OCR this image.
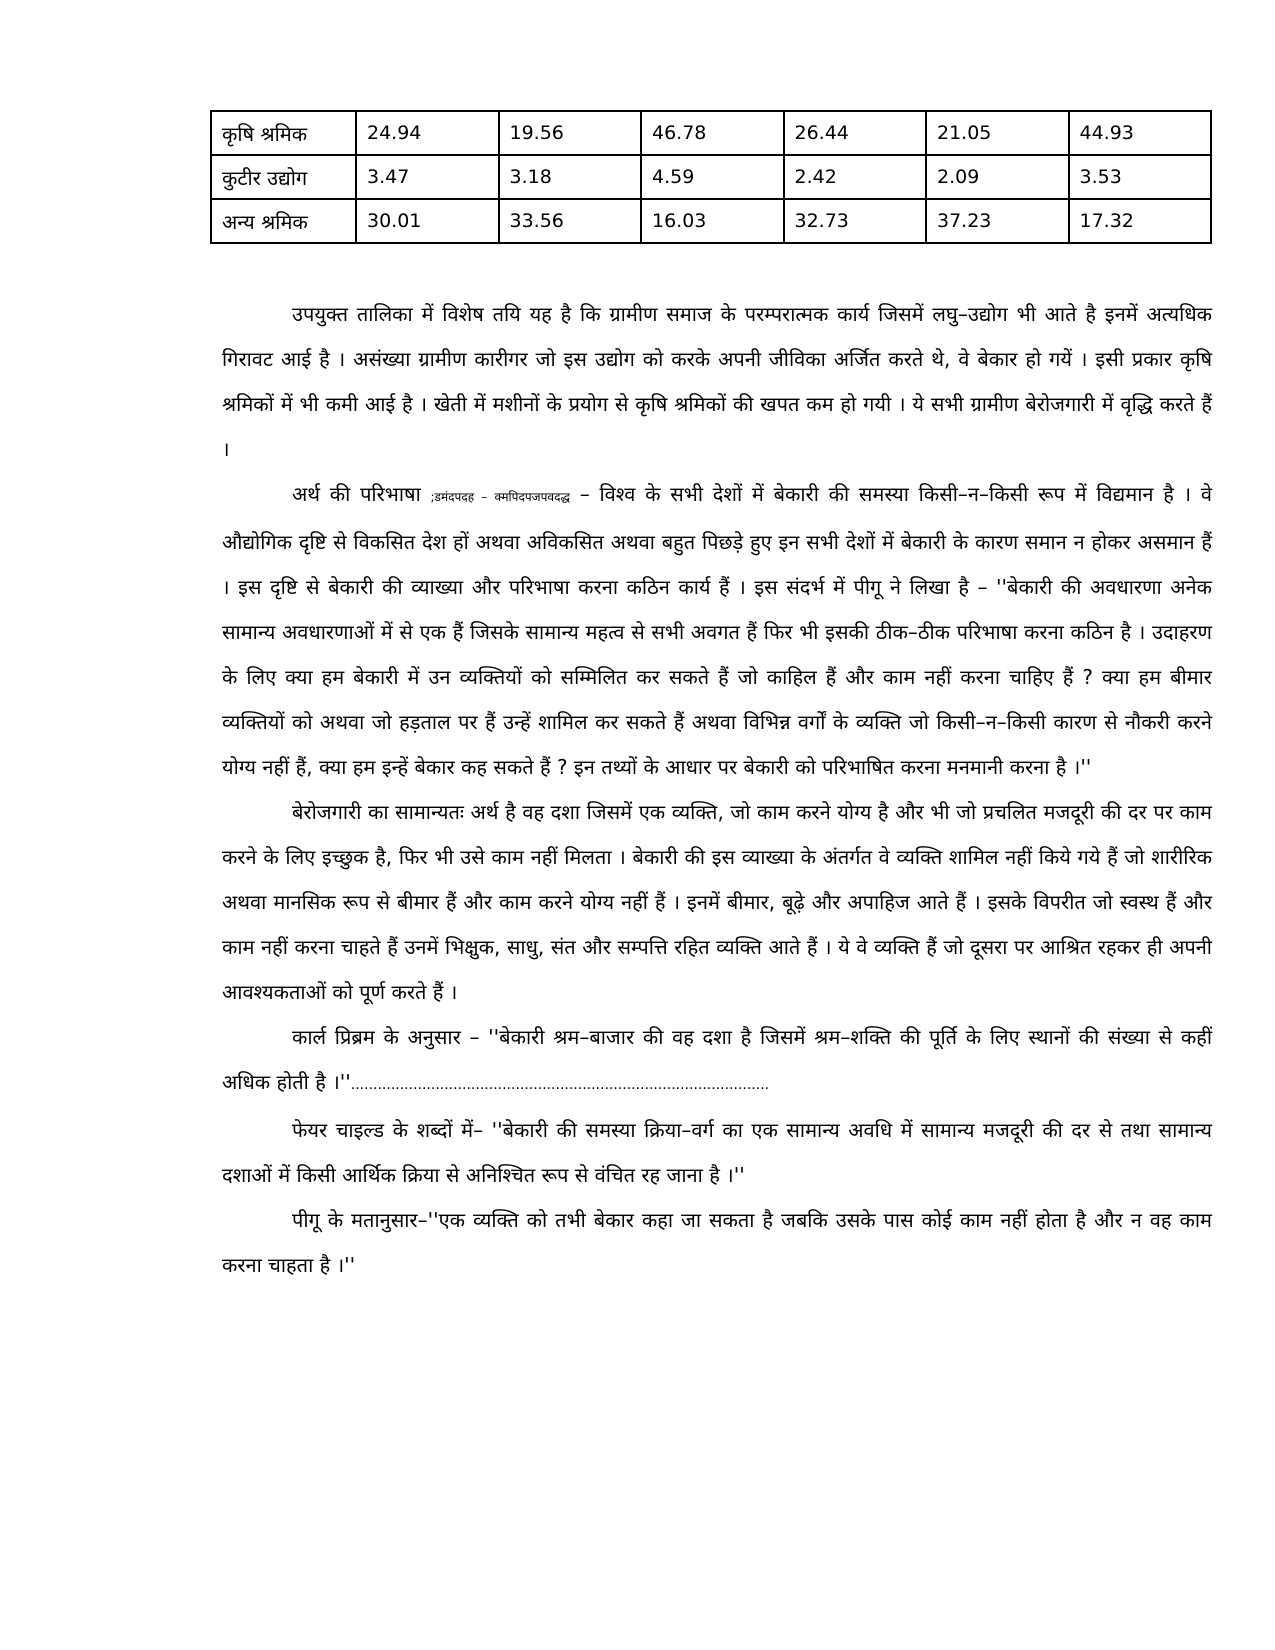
कृषि श्रमिक	24.94	19.56	46.78	26.44	21.05	44.93
कुटीर उद्योग	3.47	3.18	4.59	2.42	2.09	3.53
अन्य श्रमिक	30.01	33.56	16.03	32.73	37.23	17.32

उपयुक्त तालिका में विशेष तयि यह है कि ग्रामीण समाज के परम्परात्मक कार्य जिसमें लघु–उद्योग भी आते है इनमें अत्यधिक गिरावट आई है । असंख्या ग्रामीण कारीगर जो इस उद्योग को करके अपनी जीविका अर्जित करते थे, वे बेकार हो गयें । इसी प्रकार कृषि श्रमिकों में भी कमी आई है । खेती में मशीनों के प्रयोग से कृषि श्रमिकों की खपत कम हो गयी । ये सभी ग्रामीण बेरोजगारी में वृद्धि करते हैं ।

अर्थ की परिभाषा ;डमंदपदह – क्मपिदपजपवदद्ध – विश्व के सभी देशों में बेकारी की समस्या किसी–न–किसी रूप में विद्यमान है । वे औद्योगिक दृष्टि से विकसित देश हों अथवा अविकसित अथवा बहुत पिछड़े हुए इन सभी देशों में बेकारी के कारण समान न होकर असमान हैं । इस दृष्टि से बेकारी की व्याख्या और परिभाषा करना कठिन कार्य हैं । इस संदर्भ में पीगू ने लिखा है – ''बेकारी की अवधारणा अनेक सामान्य अवधारणाओं में से एक हैं जिसके सामान्य महत्व से सभी अवगत हैं फिर भी इसकी ठीक–ठीक परिभाषा करना कठिन है । उदाहरण के लिए क्या हम बेकारी में उन व्यक्तियों को सम्मिलित कर सकते हैं जो काहिल हैं और काम नहीं करना चाहिए हैं ? क्या हम बीमार व्यक्तियों को अथवा जो हड़ताल पर हैं उन्हें शामिल कर सकते हैं अथवा विभिन्न वर्गों के व्यक्ति जो किसी–न–किसी कारण से नौकरी करने योग्य नहीं हैं, क्या हम इन्हें बेकार कह सकते हैं ? इन तथ्यों के आधार पर बेकारी को परिभाषित करना मनमानी करना है ।''

बेरोजगारी का सामान्यतः अर्थ है वह दशा जिसमें एक व्यक्ति, जो काम करने योग्य है और भी जो प्रचलित मजदूरी की दर पर काम करने के लिए इच्छुक है, फिर भी उसे काम नहीं मिलता । बेकारी की इस व्याख्या के अंतर्गत वे व्यक्ति शामिल नहीं किये गये हैं जो शारीरिक अथवा मानसिक रूप से बीमार हैं और काम करने योग्य नहीं हैं । इनमें बीमार, बूढ़े और अपाहिज आते हैं । इसके विपरीत जो स्वस्थ हैं और काम नहीं करना चाहते हैं उनमें भिक्षुक, साधु, संत और सम्पत्ति रहित व्यक्ति आते हैं । ये वे व्यक्ति हैं जो दूसरा पर आश्रित रहकर ही अपनी आवश्यकताओं को पूर्ण करते हैं ।

कार्ल प्रिब्रम के अनुसार – ''बेकारी श्रम–बाजार की वह दशा है जिसमें श्रम–शक्ति की पूर्ति के लिए स्थानों की संख्या से कहीं अधिक होती है ।''..............................................................................................

फेयर चाइल्ड के शब्दों में– ''बेकारी की समस्या क्रिया–वर्ग का एक सामान्य अवधि में सामान्य मजदूरी की दर से तथा सामान्य दशाओं में किसी आर्थिक क्रिया से अनिश्चित रूप से वंचित रह जाना है ।''

पीगू के मतानुसार–''एक व्यक्ति को तभी बेकार कहा जा सकता है जबकि उसके पास कोई काम नहीं होता है और न वह काम करना चाहता है ।''
